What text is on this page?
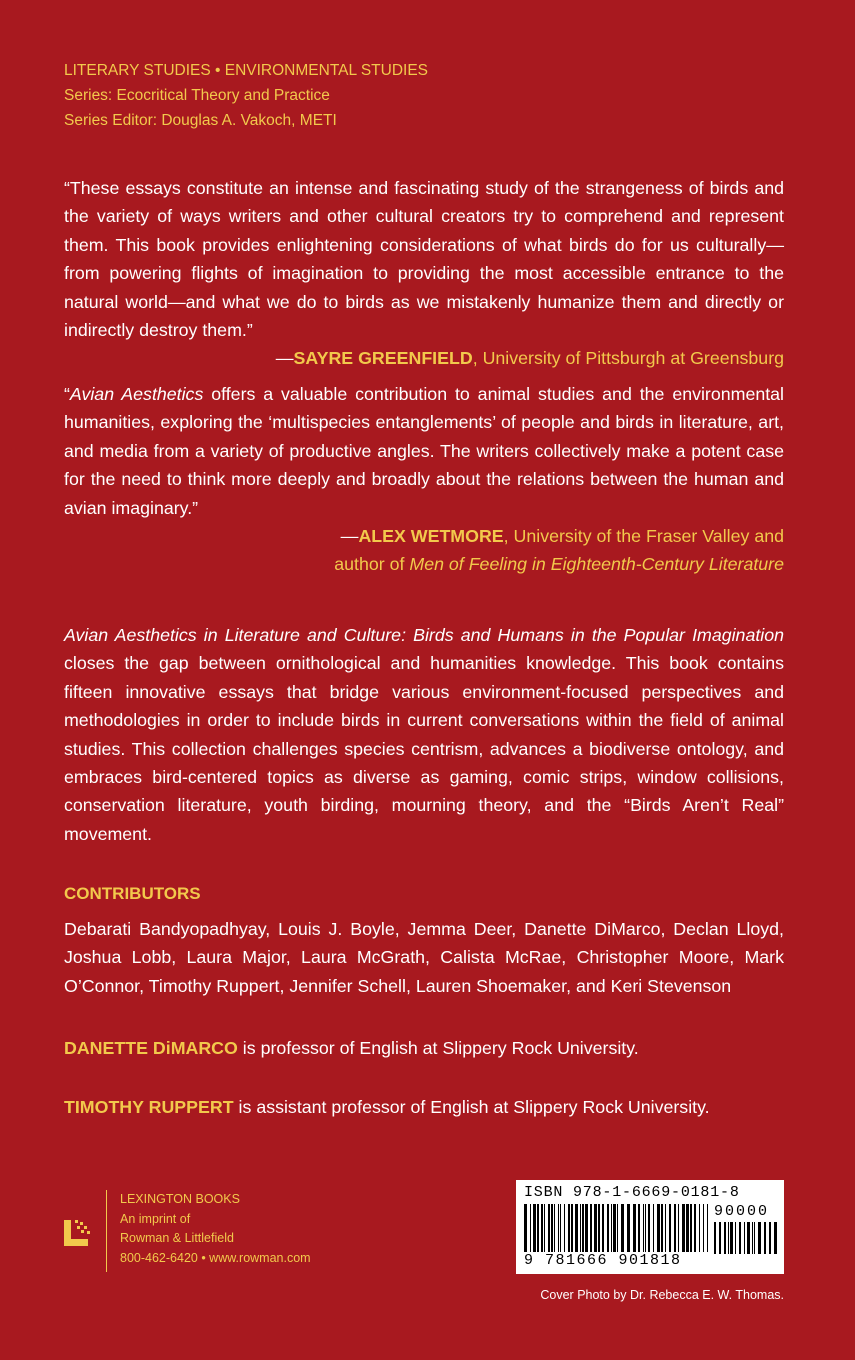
LITERARY STUDIES • ENVIRONMENTAL STUDIES
Series: Ecocritical Theory and Practice
Series Editor: Douglas A. Vakoch, METI
“These essays constitute an intense and fascinating study of the strangeness of birds and the variety of ways writers and other cultural creators try to comprehend and represent them. This book provides enlightening considerations of what birds do for us culturally—from powering flights of imagination to providing the most accessible entrance to the natural world—and what we do to birds as we mistakenly humanize them and directly or indirectly destroy them.”
—SAYRE GREENFIELD, University of Pittsburgh at Greensburg
“Avian Aesthetics offers a valuable contribution to animal studies and the environmental humanities, exploring the ‘multispecies entanglements’ of people and birds in literature, art, and media from a variety of productive angles. The writers collectively make a potent case for the need to think more deeply and broadly about the relations between the human and avian imaginary.”
—ALEX WETMORE, University of the Fraser Valley and
author of Men of Feeling in Eighteenth-Century Literature
Avian Aesthetics in Literature and Culture: Birds and Humans in the Popular Imagination closes the gap between ornithological and humanities knowledge. This book contains fifteen innovative essays that bridge various environment-focused perspectives and methodologies in order to include birds in current conversations within the field of animal studies. This collection challenges species centrism, advances a biodiverse ontology, and embraces bird-centered topics as diverse as gaming, comic strips, window collisions, conservation literature, youth birding, mourning theory, and the “Birds Aren’t Real” movement.
CONTRIBUTORS
Debarati Bandyopadhyay, Louis J. Boyle, Jemma Deer, Danette DiMarco, Declan Lloyd, Joshua Lobb, Laura Major, Laura McGrath, Calista McRae, Christopher Moore, Mark O’Connor, Timothy Ruppert, Jennifer Schell, Lauren Shoemaker, and Keri Stevenson
DANETTE DiMARCO is professor of English at Slippery Rock University.
TIMOTHY RUPPERT is assistant professor of English at Slippery Rock University.
LEXINGTON BOOKS
An imprint of
Rowman & Littlefield
800-462-6420 • www.rowman.com
ISBN 978-1-6669-0181-8
90000
9 781666 901818
Cover Photo by Dr. Rebecca E. W. Thomas.
